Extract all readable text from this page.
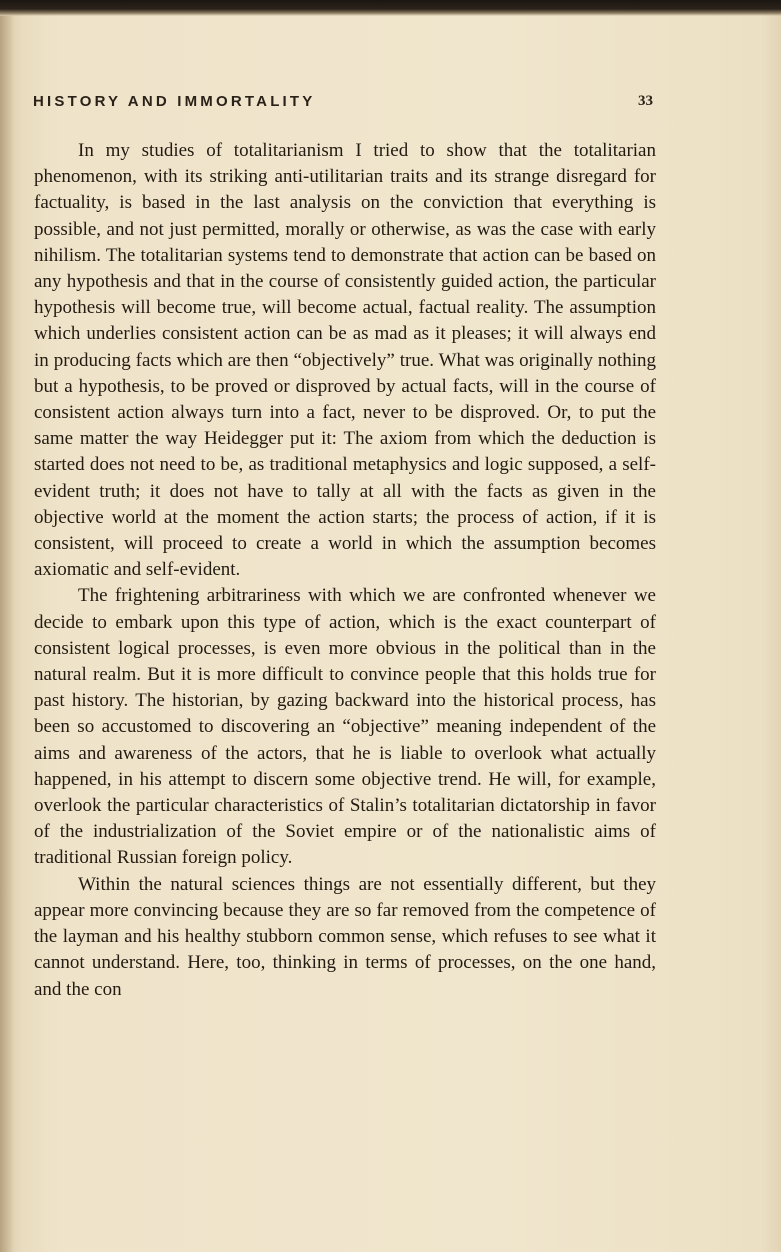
HISTORY AND IMMORTALITY	33

In my studies of totalitarianism I tried to show that the totalitarian phenomenon, with its striking anti-utilitarian traits and its strange disregard for factuality, is based in the last analysis on the conviction that everything is possible, and not just permitted, morally or otherwise, as was the case with early nihilism. The totalitarian systems tend to demonstrate that action can be based on any hypothesis and that in the course of consistently guided action, the particular hypothesis will become true, will become actual, factual reality. The assumption which underlies consistent action can be as mad as it pleases; it will always end in producing facts which are then “objectively” true. What was originally nothing but a hypothesis, to be proved or disproved by actual facts, will in the course of consistent action always turn into a fact, never to be disproved. Or, to put the same matter the way Heidegger put it: The axiom from which the deduction is started does not need to be, as traditional metaphysics and logic supposed, a self-evident truth; it does not have to tally at all with the facts as given in the objective world at the moment the action starts; the process of action, if it is consistent, will proceed to create a world in which the assumption becomes axiomatic and self-evident.

The frightening arbitrariness with which we are confronted whenever we decide to embark upon this type of action, which is the exact counterpart of consistent logical processes, is even more obvious in the political than in the natural realm. But it is more difficult to convince people that this holds true for past history. The historian, by gazing backward into the historical process, has been so accustomed to discovering an “objective” meaning independent of the aims and awareness of the actors, that he is liable to overlook what actually happened, in his attempt to discern some objective trend. He will, for example, overlook the particular characteristics of Stalin’s totalitarian dictatorship in favor of the industrialization of the Soviet empire or of the nationalistic aims of traditional Russian foreign policy.

Within the natural sciences things are not essentially different, but they appear more convincing because they are so far removed from the competence of the layman and his healthy stubborn common sense, which refuses to see what it cannot understand. Here, too, thinking in terms of processes, on the one hand, and the con
